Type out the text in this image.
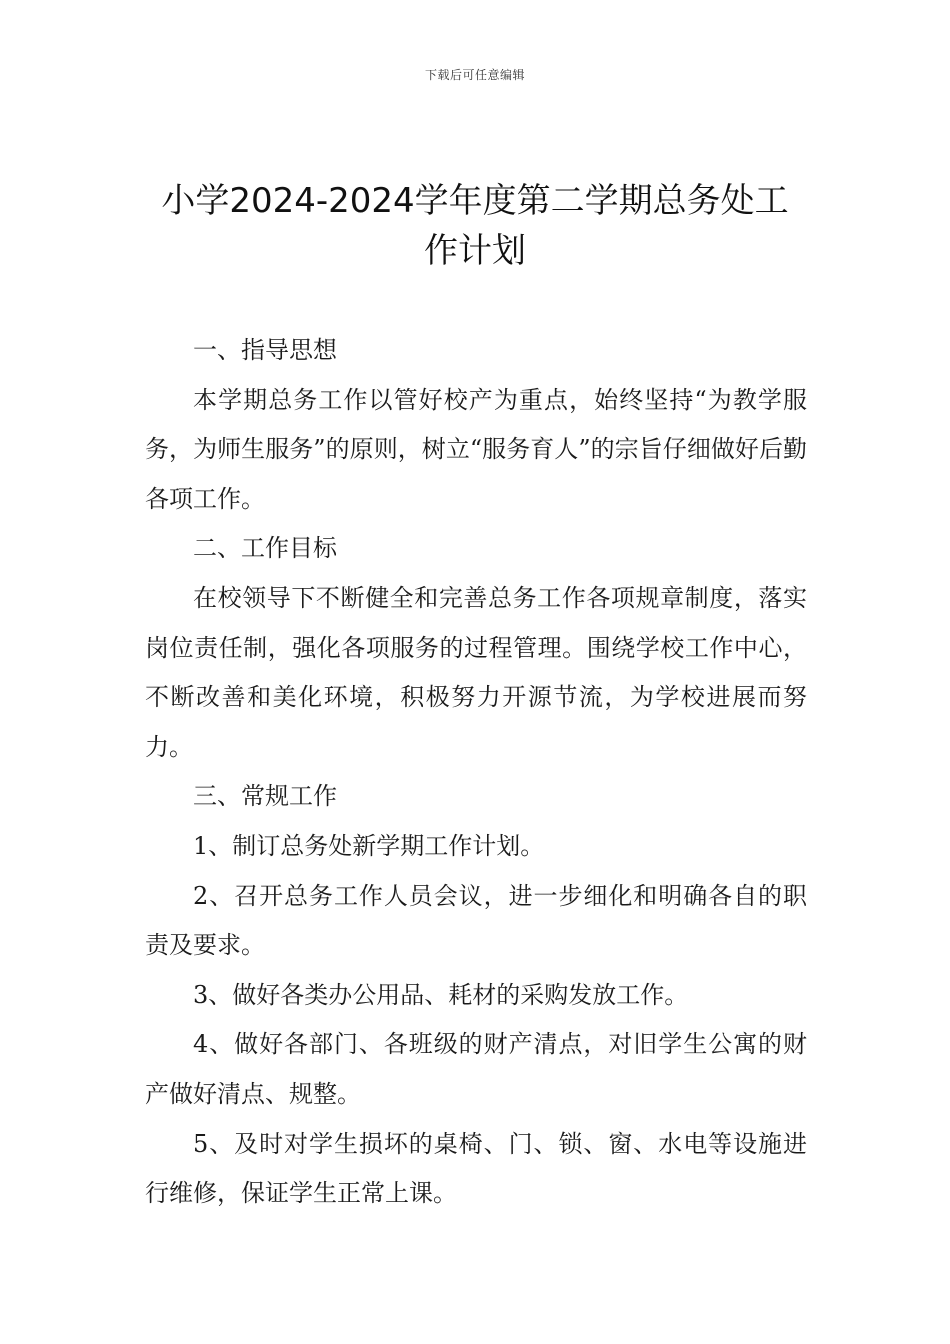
下载后可任意编辑
小学2024-2024学年度第二学期总务处工作计划

一、指导思想

本学期总务工作以管好校产为重点，始终坚持“为教学服务，为师生服务”的原则，树立“服务育人”的宗旨仔细做好后勤各项工作。

二、工作目标

在校领导下不断健全和完善总务工作各项规章制度，落实岗位责任制，强化各项服务的过程管理。围绕学校工作中心，不断改善和美化环境，积极努力开源节流，为学校进展而努力。

三、常规工作

1、制订总务处新学期工作计划。

2、召开总务工作人员会议，进一步细化和明确各自的职责及要求。

3、做好各类办公用品、耗材的采购发放工作。

4、做好各部门、各班级的财产清点，对旧学生公寓的财产做好清点、规整。

5、及时对学生损坏的桌椅、门、锁、窗、水电等设施进行维修，保证学生正常上课。
